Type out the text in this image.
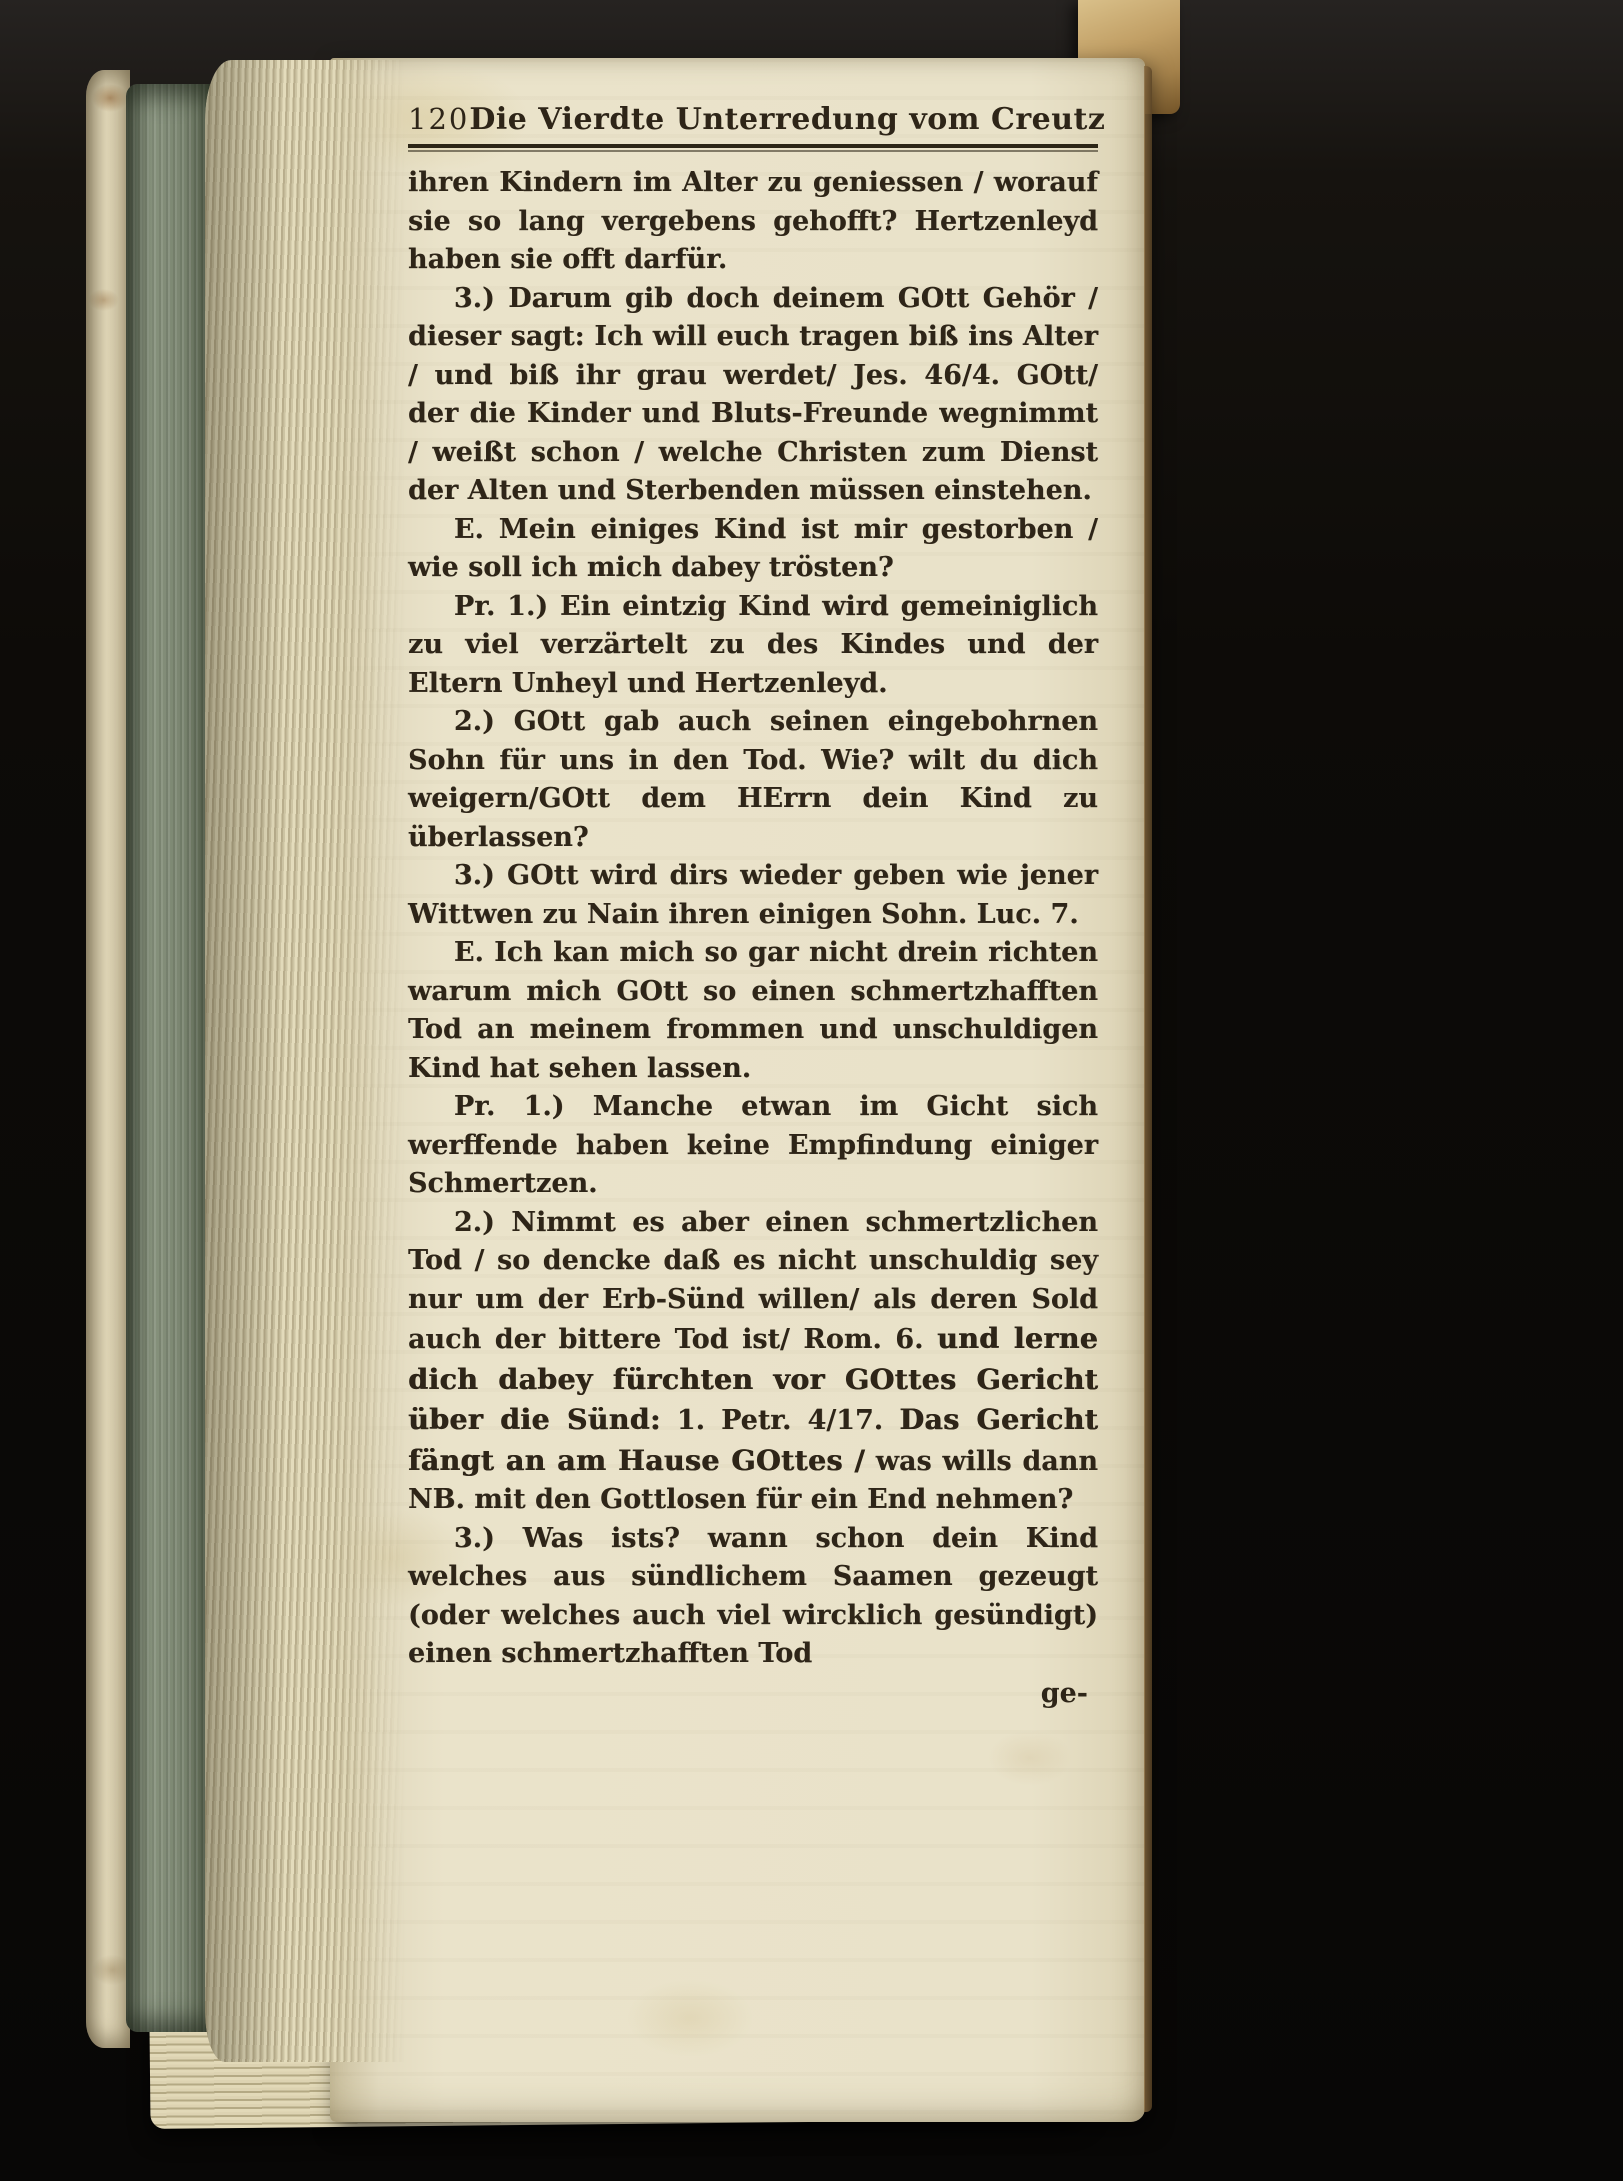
120 Die Vierdte Unterredung vom Creutz

ihren Kindern im Alter zu geniessen / worauf sie so lang vergebens gehofft? Hertzenleyd haben sie offt darfür.

3.) Darum gib doch deinem GOtt Gehör / dieser sagt: Ich will euch tragen biß ins Alter / und biß ihr grau werdet/ Jes. 46/4. GOtt/ der die Kinder und Bluts-Freunde wegnimmt / weißt schon / welche Christen zum Dienst der Alten und Sterbenden müssen einstehen.

E. Mein einiges Kind ist mir gestorben / wie soll ich mich dabey trösten?

Pr. 1.) Ein eintzig Kind wird gemeiniglich zu viel verzärtelt zu des Kindes und der Eltern Unheyl und Hertzenleyd.

2.) GOtt gab auch seinen eingebohrnen Sohn für uns in den Tod. Wie? wilt du dich weigern/GOtt dem HErrn dein Kind zu überlassen?

3.) GOtt wird dirs wieder geben wie jener Wittwen zu Nain ihren einigen Sohn. Luc. 7.

E. Ich kan mich so gar nicht drein richten warum mich GOtt so einen schmertzhafften Tod an meinem frommen und unschuldigen Kind hat sehen lassen.

Pr. 1.) Manche etwan im Gicht sich werffende haben keine Empfindung einiger Schmertzen.

2.) Nimmt es aber einen schmertzlichen Tod / so dencke daß es nicht unschuldig sey nur um der Erb-Sünd willen/ als deren Sold auch der bittere Tod ist/ Rom. 6. und lerne dich dabey fürchten vor GOttes Gericht über die Sünd: 1. Petr. 4/17. Das Gericht fängt an am Hause GOttes / was wills dann NB. mit den Gottlosen für ein End nehmen?

3.) Was ists? wann schon dein Kind welches aus sündlichem Saamen gezeugt (oder welches auch viel wircklich gesündigt) einen schmertzhafften Tod

ge-
